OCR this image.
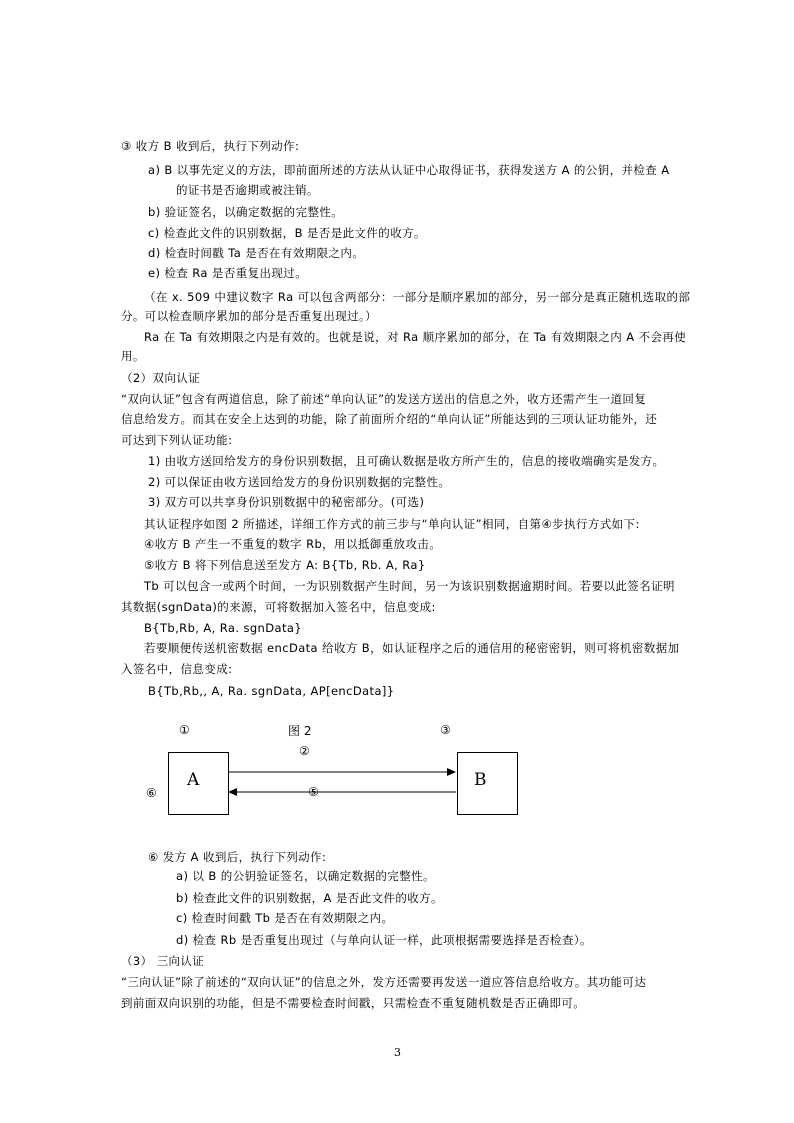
③ 收方 B 收到后，执行下列动作:
a) B 以事先定义的方法，即前面所述的方法从认证中心取得证书，获得发送方 A 的公钥，并检查 A
的证书是否逾期或被注销。
b) 验证签名，以确定数据的完整性。
c) 检查此文件的识别数据，B 是否是此文件的收方。
d) 检查时间戳 Ta 是否在有效期限之内。
e) 检查 Ra 是否重复出现过。
（在 x. 509 中建议数字 Ra 可以包含两部分：一部分是顺序累加的部分，另一部分是真正随机选取的部
分。可以检查顺序累加的部分是否重复出现过。）
Ra 在 Ta 有效期限之内是有效的。也就是说，对 Ra 顺序累加的部分，在 Ta 有效期限之内 A 不会再使
用。
（2）双向认证
“双向认证”包含有两道信息，除了前述“单向认证”的发送方送出的信息之外，收方还需产生一道回复
信息给发方。而其在安全上达到的功能，除了前面所介绍的“单向认证”所能达到的三项认证功能外，还
可达到下列认证功能:
1) 由收方送回给发方的身份识别数据，且可确认数据是收方所产生的，信息的接收端确实是发方。
2) 可以保证由收方送回给发方的身份识别数据的完整性。
3) 双方可以共享身份识别数据中的秘密部分。(可选)
其认证程序如图 2 所描述，详细工作方式的前三步与“单向认证”相同，自第④步执行方式如下:
④收方 B 产生一不重复的数字 Rb，用以抵御重放攻击。
⑤收方 B 将下列信息送至发方 A: B{Tb, Rb. A, Ra}
Tb 可以包含一或两个时间，一为识别数据产生时间，另一为该识别数据逾期时间。若要以此签名证明
其数据(sgnData)的来源，可将数据加入签名中，信息变成:
B{Tb,Rb, A, Ra. sgnData}
若要顺便传送机密数据 encData 给收方 B，如认证程序之后的通信用的秘密密钥，则可将机密数据加
入签名中，信息变成:
B{Tb,Rb,, A, Ra. sgnData, AP[encData]}
①	图 2	③
②
A	B
⑤
⑥
⑥ 发方 A 收到后，执行下列动作:
a) 以 B 的公钥验证签名，以确定数据的完整性。
b) 检查此文件的识别数据，A 是否此文件的收方。
c) 检查时间戳 Tb 是否在有效期限之内。
d) 检查 Rb 是否重复出现过（与单向认证一样，此项根据需要选择是否检查）。
（3） 三向认证
“三向认证”除了前述的“双向认证”的信息之外，发方还需要再发送一道应答信息给收方。其功能可达
到前面双向识别的功能，但是不需要检查时间戳，只需检查不重复随机数是否正确即可。
3
